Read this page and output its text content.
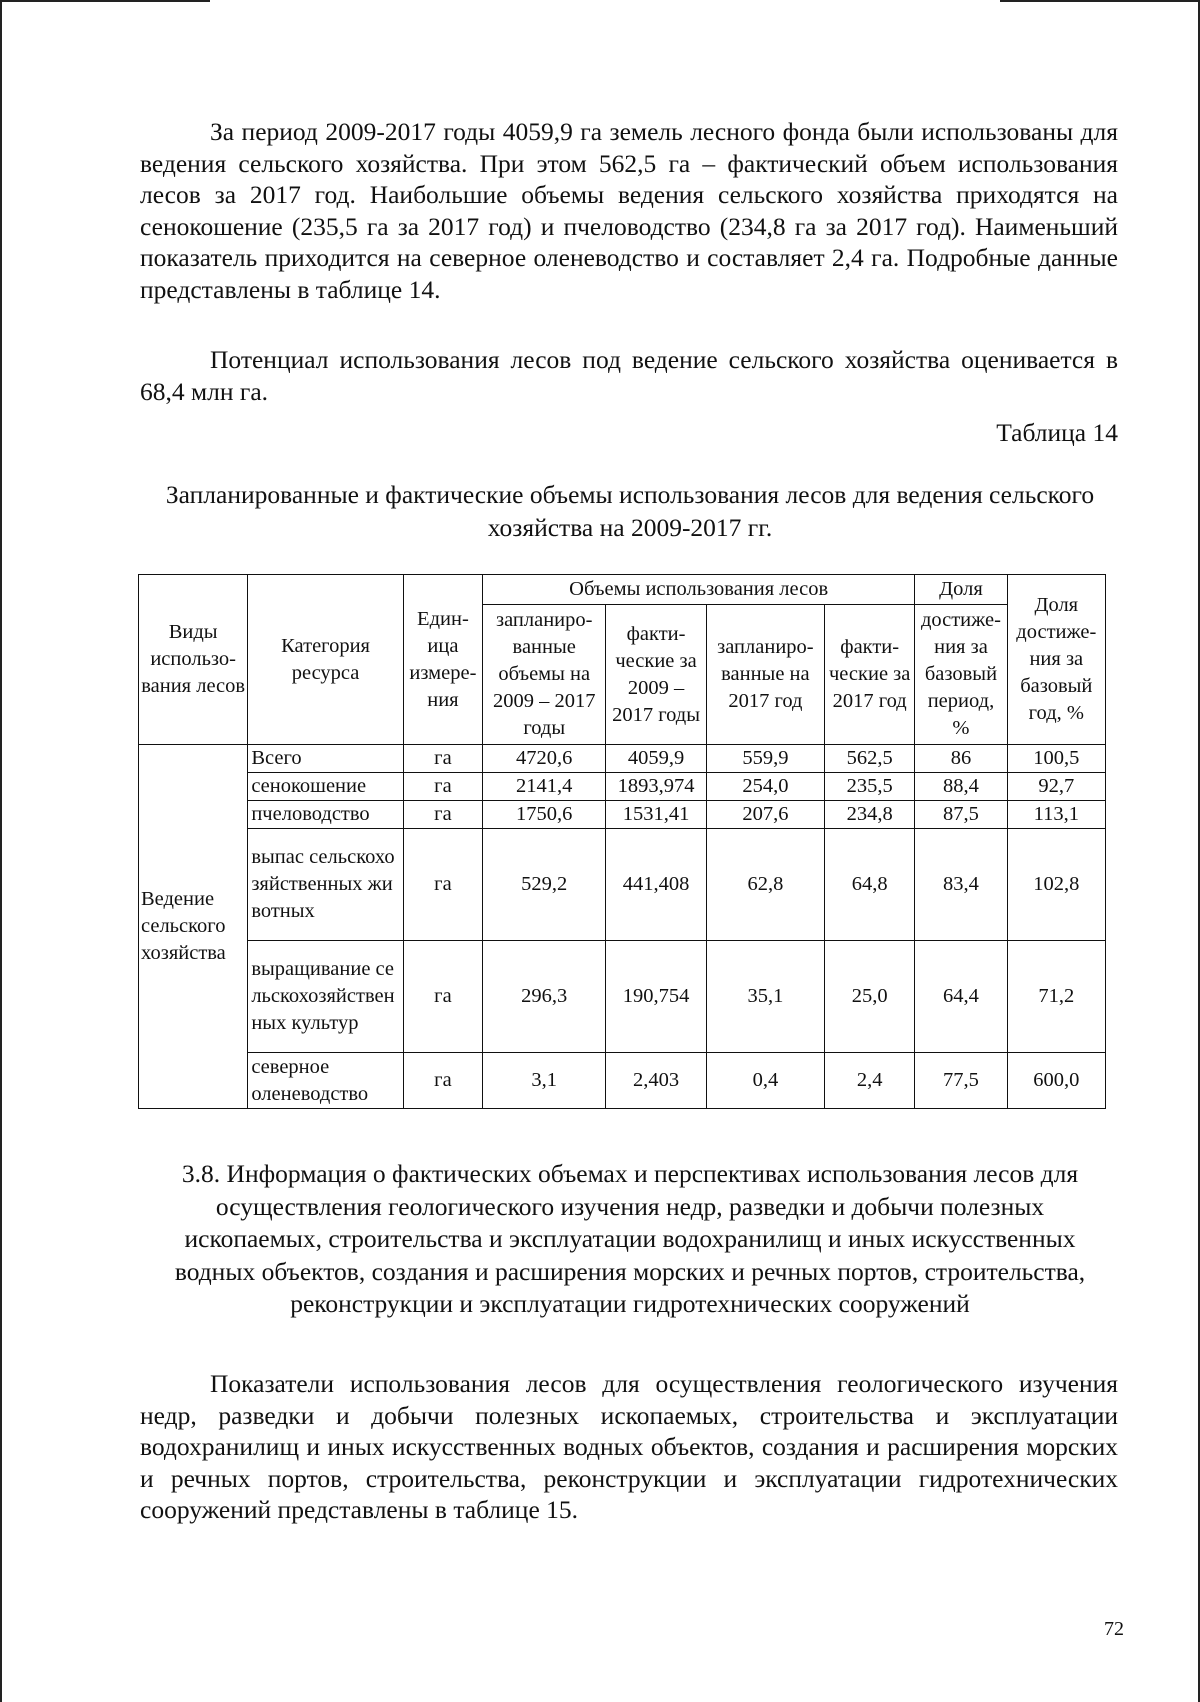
За период 2009-2017 годы 4059,9 га земель лесного фонда были использованы для ведения сельского хозяйства. При этом 562,5 га – фактический объем использования лесов за 2017 год. Наибольшие объемы ведения сельского хозяйства приходятся на сенокошение (235,5 га за 2017 год) и пчеловодство (234,8 га за 2017 год). Наименьший показатель приходится на северное оленеводство и составляет 2,4 га. Подробные данные представлены в таблице 14.

Потенциал использования лесов под ведение сельского хозяйства оценивается в 68,4 млн га.

Таблица 14

Запланированные и фактические объемы использования лесов для ведения сельского хозяйства на 2009-2017 гг.

Виды использо-вания лесов	Категория ресурса	Един-ица измере-ния	Объемы использования лесов				Доля	Доля достиже-ния за базовый год, %
			запланиро-ванные объемы на 2009 – 2017 годы	факти-ческие за 2009 – 2017 годы	запланиро-ванные на 2017 год	факти-ческие за 2017 год	достиже-ния за базовый период, %	
Ведение сельского хозяйства	Всего	га	4720,6	4059,9	559,9	562,5	86	100,5
	сенокошение	га	2141,4	1893,974	254,0	235,5	88,4	92,7
	пчеловодство	га	1750,6	1531,41	207,6	234,8	87,5	113,1
	выпас сельскохозяйственных животных	га	529,2	441,408	62,8	64,8	83,4	102,8
	выращивание сельскохозяйственных культур	га	296,3	190,754	35,1	25,0	64,4	71,2
	северное оленеводство	га	3,1	2,403	0,4	2,4	77,5	600,0

3.8. Информация о фактических объемах и перспективах использования лесов для осуществления геологического изучения недр, разведки и добычи полезных ископаемых, строительства и эксплуатации водохранилищ и иных искусственных водных объектов, создания и расширения морских и речных портов, строительства, реконструкции и эксплуатации гидротехнических сооружений

Показатели использования лесов для осуществления геологического изучения недр, разведки и добычи полезных ископаемых, строительства и эксплуатации водохранилищ и иных искусственных водных объектов, создания и расширения морских и речных портов, строительства, реконструкции и эксплуатации гидротехнических сооружений представлены в таблице 15.

72
